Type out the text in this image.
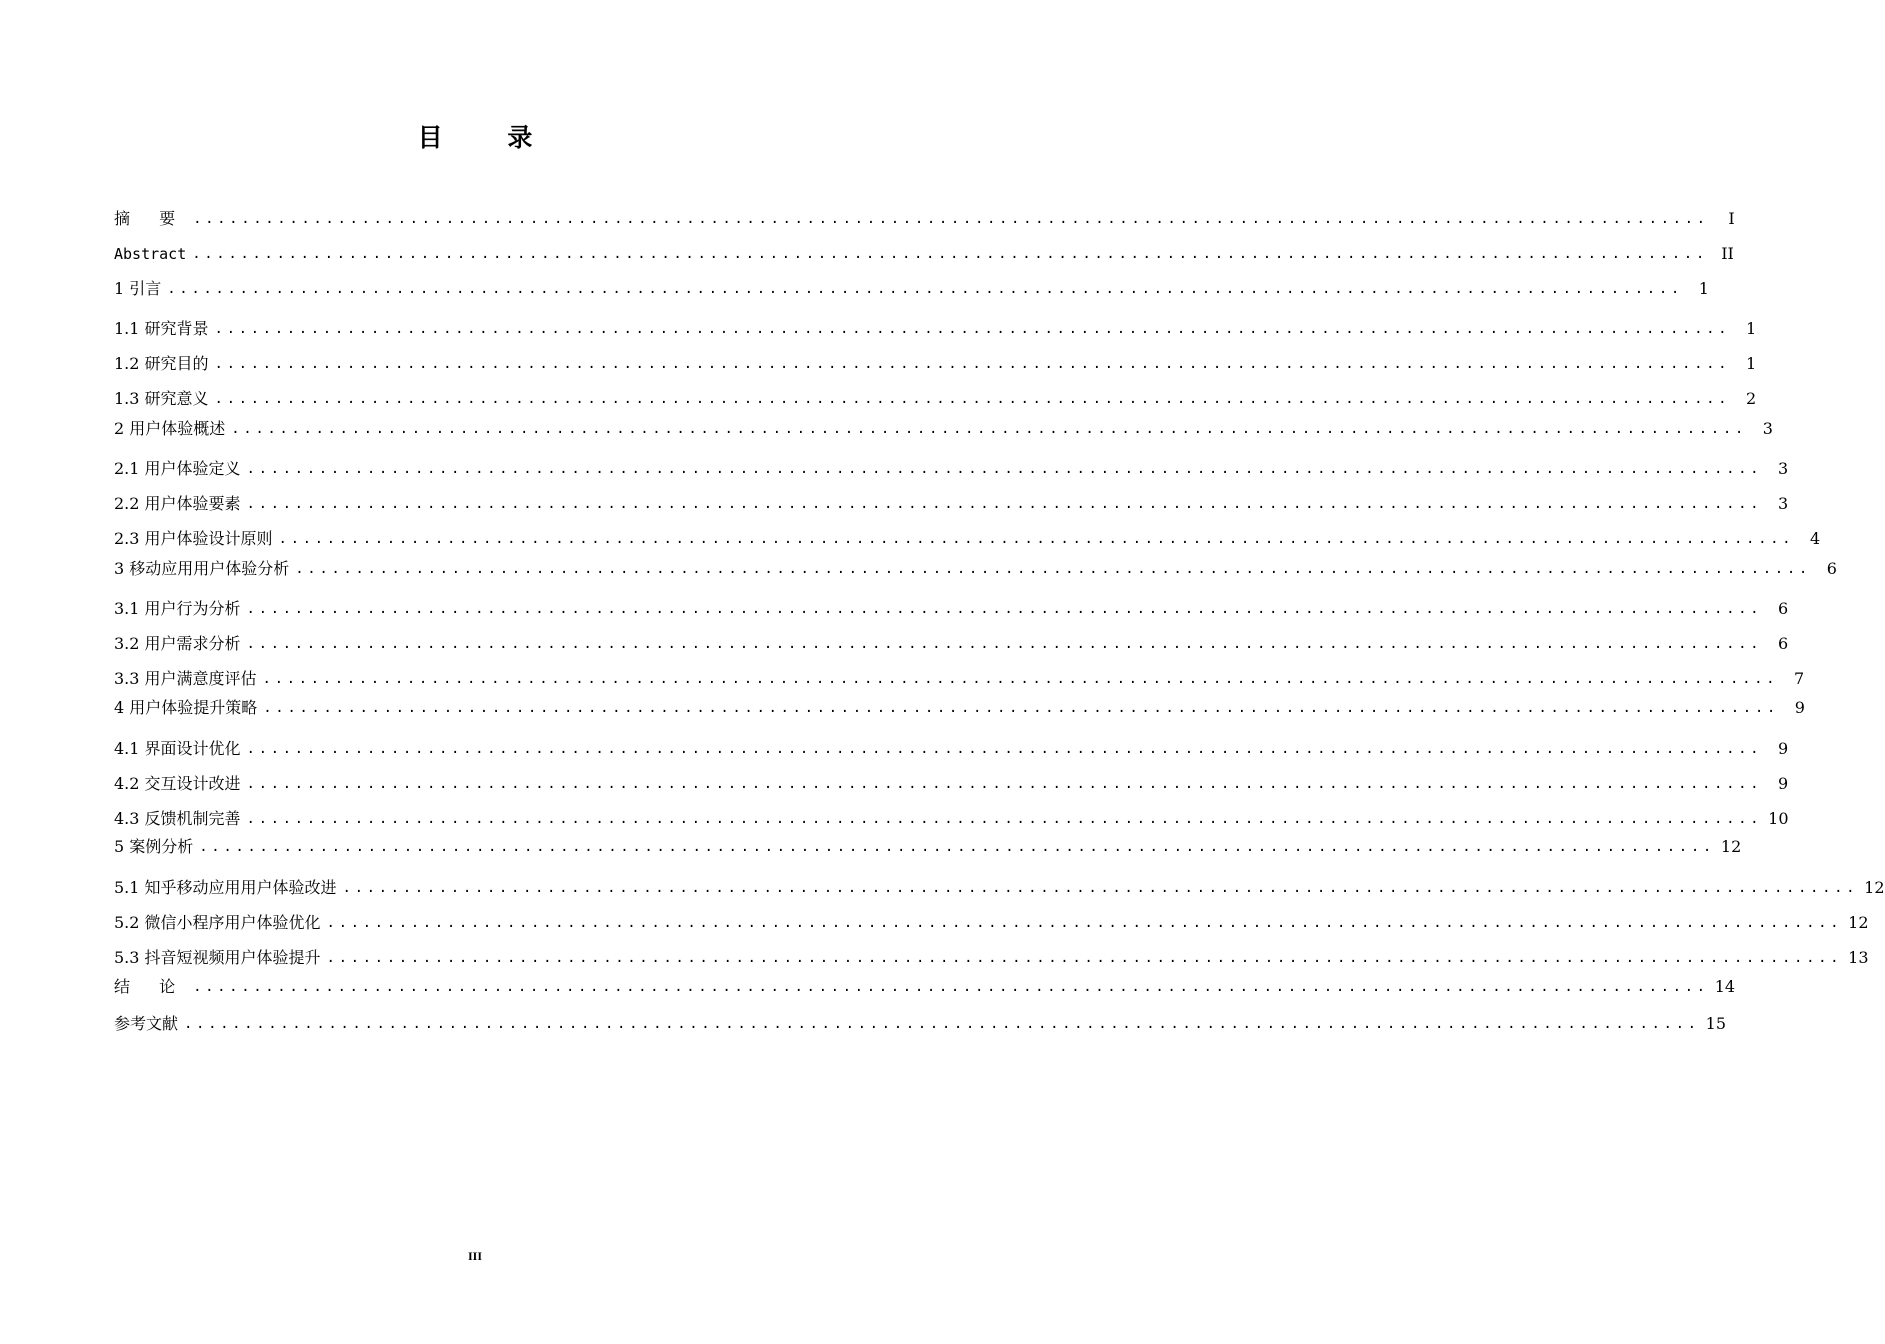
目 录
摘 要 ..............................................................................................................................	I
Abstract .............................................................................................................................. II
1 引言 .............................................................................................................................. 1
1.1 研究背景 .............................................................................................................................. 1
1.2 研究目的 .............................................................................................................................. 1
1.3 研究意义 .............................................................................................................................. 2
2 用户体验概述 .............................................................................................................................. 3
2.1 用户体验定义 .............................................................................................................................. 3
2.2 用户体验要素 .............................................................................................................................. 3
2.3 用户体验设计原则 .............................................................................................................................. 4
3 移动应用用户体验分析 .............................................................................................................................. 6
3.1 用户行为分析 .............................................................................................................................. 6
3.2 用户需求分析 .............................................................................................................................. 6
3.3 用户满意度评估 .............................................................................................................................. 7
4 用户体验提升策略 .............................................................................................................................. 9
4.1 界面设计优化 .............................................................................................................................. 9
4.2 交互设计改进 .............................................................................................................................. 9
4.3 反馈机制完善 .............................................................................................................................. 10
5 案例分析 .............................................................................................................................. 12
5.1 知乎移动应用用户体验改进 .............................................................................................................................. 12
5.2 微信小程序用户体验优化 .............................................................................................................................. 12
5.3 抖音短视频用户体验提升 .............................................................................................................................. 13
结 论 .............................................................................................................................. 14
参考文献 .............................................................................................................................. 15
III
